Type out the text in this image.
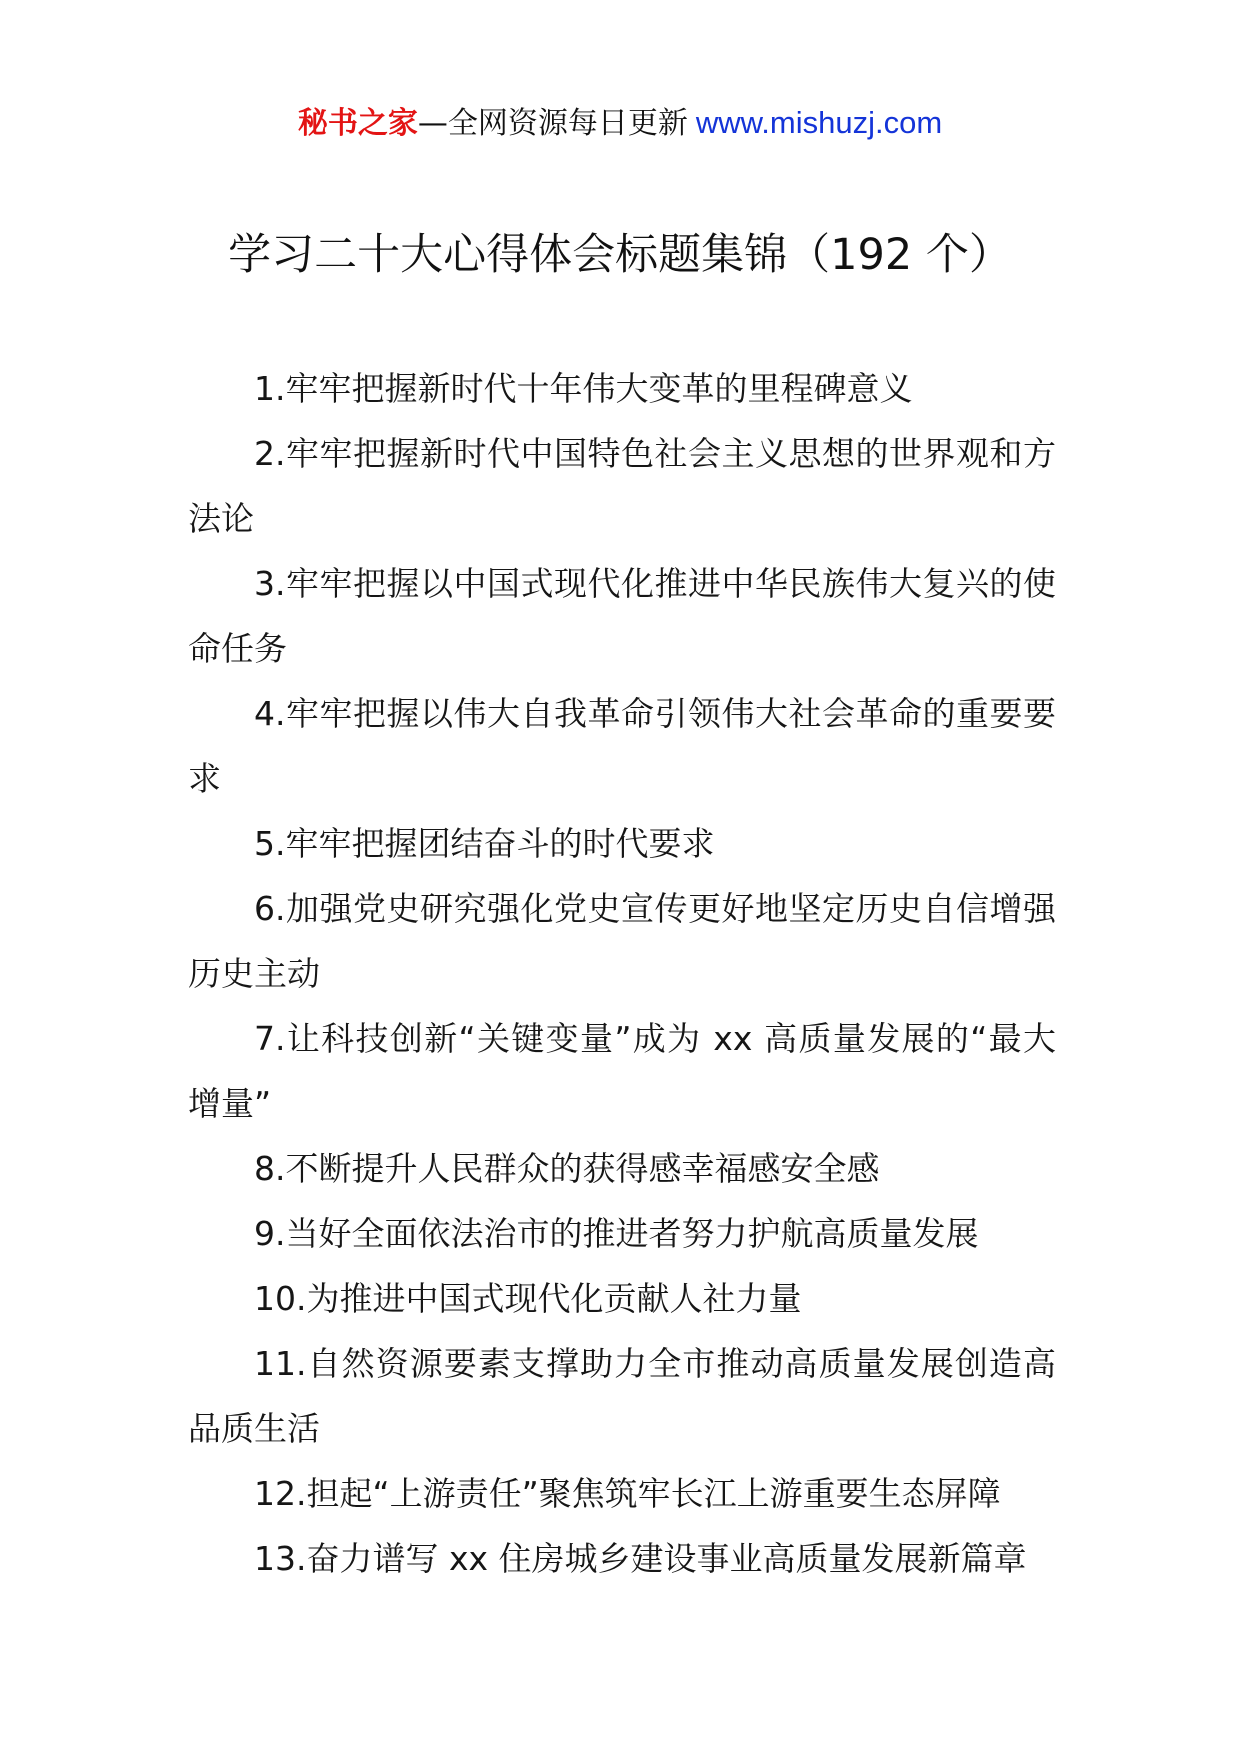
秘书之家—全网资源每日更新 www.mishuzj.com
学习二十大心得体会标题集锦（192 个）
1.牢牢把握新时代十年伟大变革的里程碑意义
2.牢牢把握新时代中国特色社会主义思想的世界观和方法论
3.牢牢把握以中国式现代化推进中华民族伟大复兴的使命任务
4.牢牢把握以伟大自我革命引领伟大社会革命的重要要求
5.牢牢把握团结奋斗的时代要求
6.加强党史研究强化党史宣传更好地坚定历史自信增强历史主动
7.让科技创新“关键变量”成为 xx 高质量发展的“最大增量”
8.不断提升人民群众的获得感幸福感安全感
9.当好全面依法治市的推进者努力护航高质量发展
10.为推进中国式现代化贡献人社力量
11.自然资源要素支撑助力全市推动高质量发展创造高品质生活
12.担起“上游责任”聚焦筑牢长江上游重要生态屏障
13.奋力谱写 xx 住房城乡建设事业高质量发展新篇章
